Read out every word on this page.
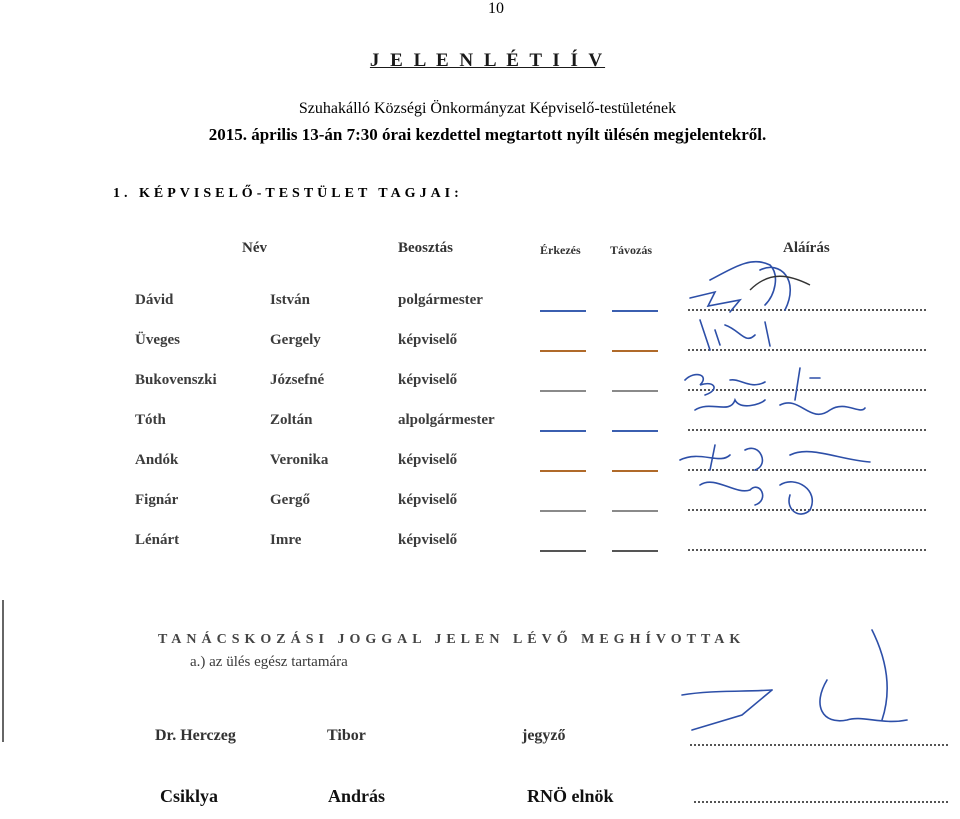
10
J E L E N L É T I Í V
Szuhakálló Községi Önkormányzat Képviselő-testületének
2015. április 13-án 7:30 órai kezdettel megtartott nyílt ülésén megjelentekről.
1. KÉPVISELŐ-TESTÜLET TAGJAI:
Név	Beosztás	Érkezés Távozás	Aláírás
Dávid	István	polgármester
Üveges	Gergely	képviselő
Bukovenszki	Józsefné	képviselő
Tóth	Zoltán	alpolgármester
Andók	Veronika	képviselő
Fignár	Gergő	képviselő
Lénárt	Imre	képviselő
TANÁCSKOZÁSI JOGGAL JELEN LÉVŐ MEGHÍVOTTAK
a.) az ülés egész tartamára
Dr. Herczeg	Tibor	jegyző
Csiklya	András	RNÖ elnök
